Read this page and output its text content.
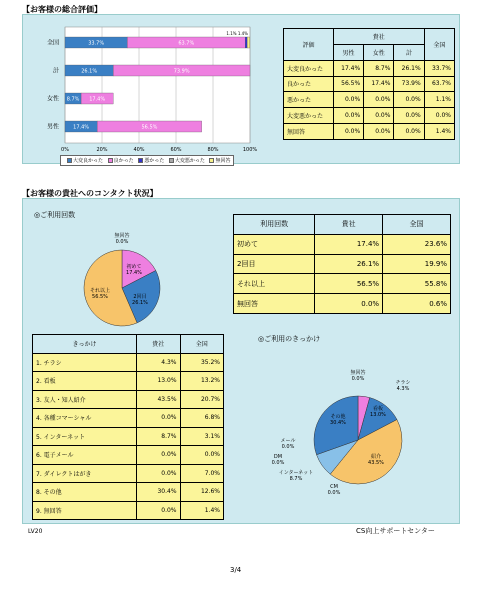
【お客様の総合評価】
0%	20%	40%	60%	80%	100%
全国	33.7%	63.7%
1.1% 1.4%
計	26.1%	73.9%
女性 8.7% 17.4%
男性	17.4%	56.5%
大変良かった 良かった 悪かった 大変悪かった 無回答
評価	貴社			全国
	男性	女性	計	
大変良かった	17.4%	8.7%	26.1%	33.7%
良かった	56.5%	17.4%	73.9%	63.7%
悪かった	0.0%	0.0%	0.0%	1.1%
大変悪かった	0.0%	0.0%	0.0%	0.0%
無回答	0.0%	0.0%	0.0%	1.4%
【お客様の貴社へのコンタクト状況】
◎ご利用回数
無回答
0.0%
初めて
17.4%
2回目
26.1%
それ以上
56.5%
利用回数	貴社	全国
初めて	17.4%	23.6%
2回目	26.1%	19.9%
それ以上	56.5%	55.8%
無回答	0.0%	0.6%
きっかけ	貴社	全国
1. チラシ	4.3%	35.2%
2. 看板	13.0%	13.2%
3. 友人・知人紹介	43.5%	20.7%
4. 各種コマーシャル	0.0%	6.8%
5. インターネット	8.7%	3.1%
6. 電子メール	0.0%	0.0%
7. ダイレクトはがき	0.0%	7.0%
8. その他	30.4%	12.6%
9. 無回答	0.0%	1.4%
◎ご利用のきっかけ
無回答
0.0%
チラシ
4.3%
看板
13.0%
紹介
43.5%
CM
0.0%
インターネット
8.7%
DM
0.0%
メール
0.0%
その他
30.4%
LV20	CS向上サポートセンター
3/4
